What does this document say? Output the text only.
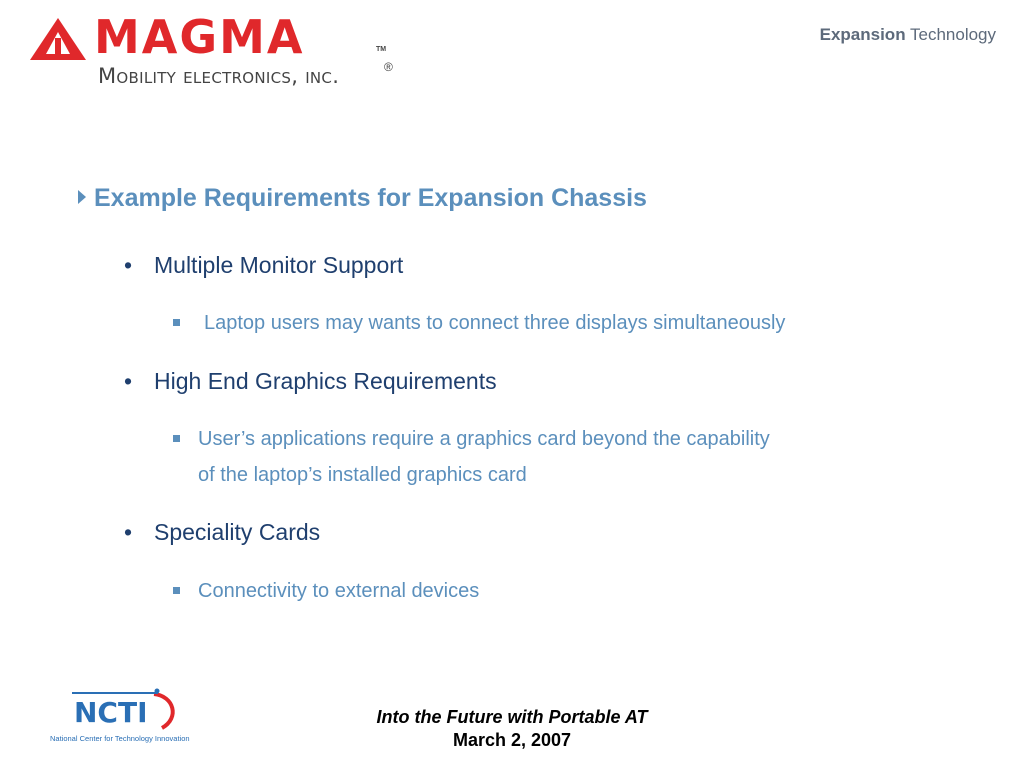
MAGMA	TM
Mobility electronics, inc.	®
Expansion Technology
Example Requirements for Expansion Chassis
• Multiple Monitor Support
Laptop users may wants to connect three displays simultaneously
• High End Graphics Requirements
User’s applications require a graphics card beyond the capability
of the laptop’s installed graphics card
• Speciality Cards
Connectivity to external devices
NCTI
National Center for Technology Innovation
Into the Future with Portable AT
March 2, 2007
